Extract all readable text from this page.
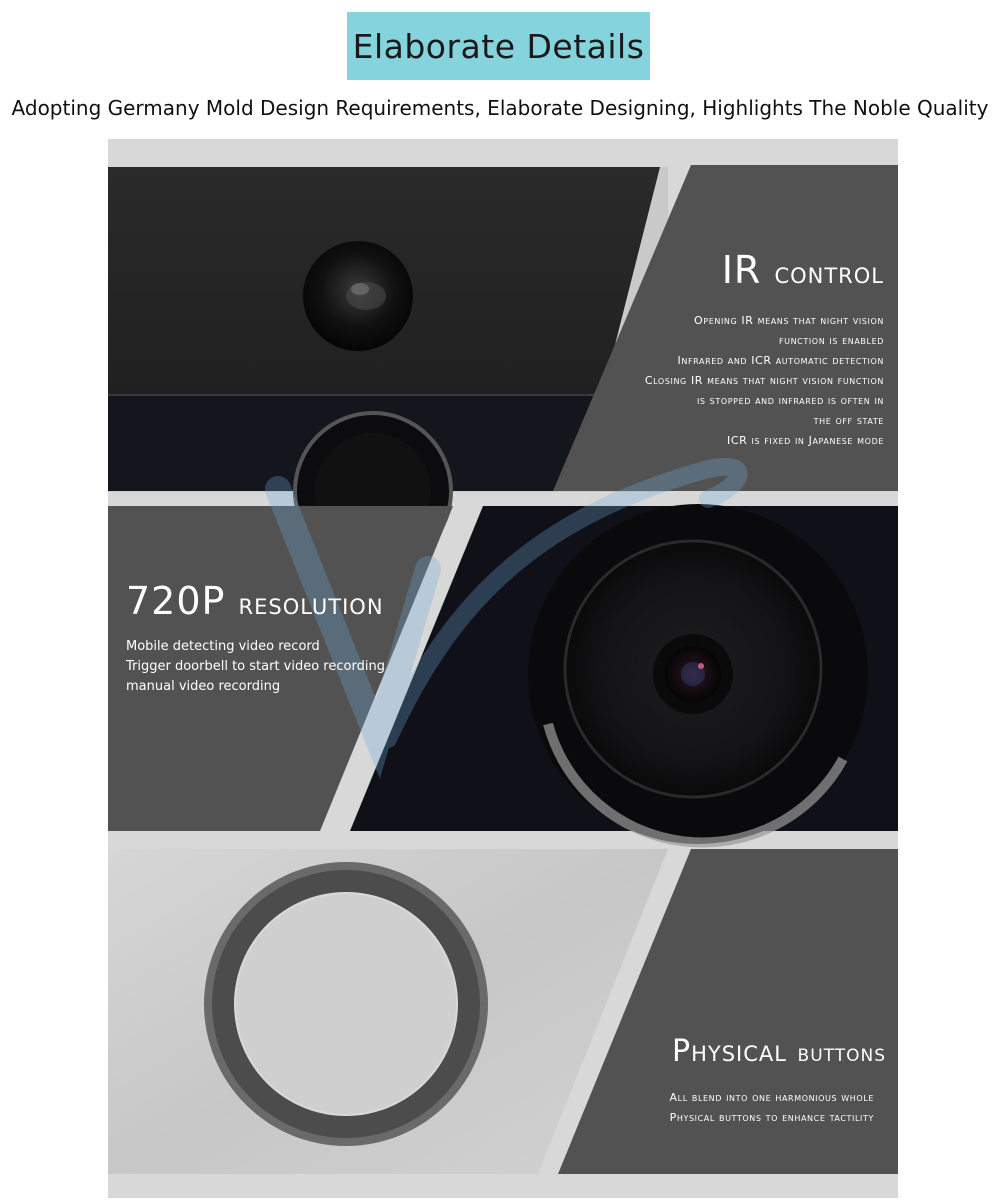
Elaborate Details
Adopting Germany Mold Design Requirements, Elaborate Designing, Highlights The Noble Quality
IR control
Opening IR means that night vision
function is enabled
Infrared and ICR automatic detection
Closing IR means that night vision function
is stopped and infrared is often in
the off state
ICR is fixed in Japanese mode
720P resolution
Mobile detecting video record
Trigger doorbell to start video recording
manual video recording
Physical buttons
All blend into one harmonious whole
Physical buttons to enhance tactility
